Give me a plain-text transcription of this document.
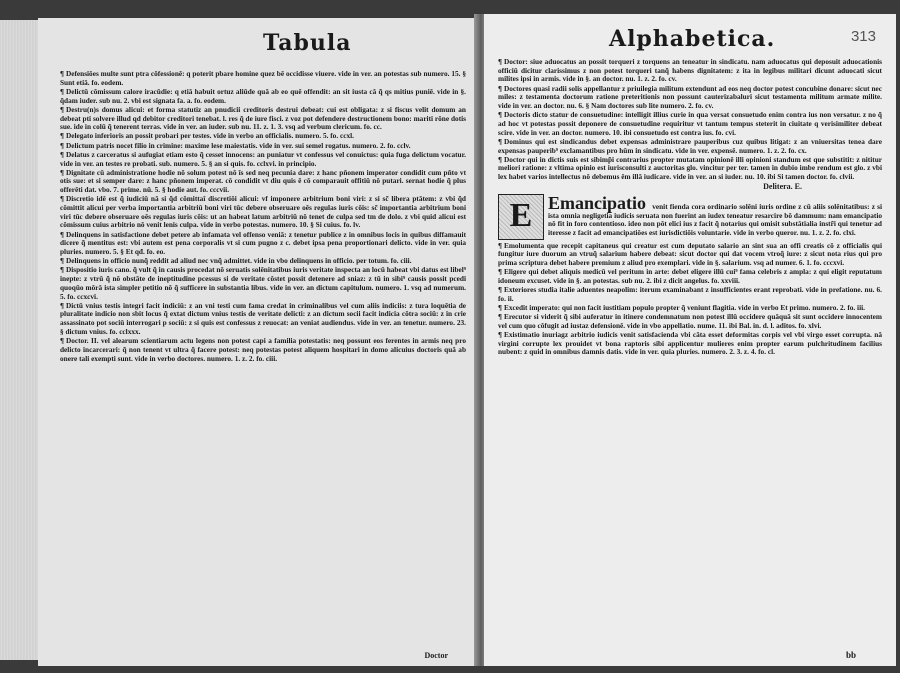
Tabula
¶ Defensiões multe sunt ptra cõfessionẽ: q poterit pbare homine quez bẽ occidisse viuere. vide in ver. an potestas sub numero. 15. § Sunt etiã. fo. eodem.
¶ Delictũ cõmissum calore iracũdie: q etiã habuit ortuz aliũde quã ab eo quẽ offendit: an sit iusta cã q̃ qs mitius puniẽ. vide in §. q̃dam iuder. sub nu. 2. vbi est signata fa. a. fo. eodem.
¶ Destru(n)s domus alicui: et forma statutiz an pnudicii creditoris destrui debeat: cui est obligata: z si fiscus velit domum an debeat pti solvere illud qd debitor creditori tenebat. l. res q̃ de iure fisci. z voz pot defendere destructionem bono: mariti rõne dotis sue. ide in colũ q̃ tenerent terras. vide in ver. an iuder. sub nu. 11. z. 1. 3. vsq ad verbum clericum. fo. cc.
¶ Delegato inferioris an possit probari per testes. vide in verbo an officialis. numero. 5. fo. ccxl.
¶ Delictum patris nocet filio in crimine: maxime lese maiestatis. vide in ver. sui semel rogatus. numero. 2. fo. cclv.
¶ Delatus z carceratus si aufugiat etiam esto q̃ cesset innocens: an puniatur vt confessus vel conuictus: quia fuga delictum vocatur. vide in ver. an testes re probati. sub. numero. 5. § an si quis. fo. cclxvi. in principio.
¶ Dignitate cũ administratione hodie nõ solum potest nõ ĩs sed neq pecunia dare: z hanc pñonem imperator condidit cum pñto vt otis sue: et si semper dare: z hanc pñonem imperat. cõ condidit vt diu quis ẽ cõ comparauit offitiũ nõ putari. sernat hodie q̃ plus offerẽti dat. vbo. 7. prime. nũ. 5. § hodie aut. fo. cccvii.
¶ Discretio idẽ est q̃ iudiciũ nã si q̃d cõmittaĩ discretiõi alicui: vf imponere arbitrium boni viri: z si sc̃ libera ptãtem: z vbi q̃d cõmittit alicui per verba importantia arbitriũ boni viri tũc debere obseruare oẽs regulas iuris cõis: sc̃ importantia arbitrium boni viri tũc debere obseruare oẽs regulas iuris cõis: ut an habeat latum arbitriũ nõ tenet de culpa sed tm de dolo. z vbi quid alicui est cõmissum cuius arbitrio nõ venit lenis culpa. vide in verbo potestas. numero. 10. § Si cuius. fo. lv.
¶ Delinquens in satisfactione debet petere ab infamata vel offenso veniã: z tenetur publice z in omnibus locis in quibus diffamauit dicere q̃ mentitus est: vbi autem est pena corporalis vt si cum pugno z c. debet ipsa pena proportionari delicto. vide in ver. quia pluries. numero. 5. § Et qđ. fo. eo.
¶ Delinquens in officio nunq̃ reddit ad aliud nec vnq̃ admittet. vide in vbo delinquens in officio. per totum. fo. ciii.
¶ Dispositio iuris cano. q̃ vult q̃ in causis procedat nõ seruatis solẽnitatibus iuris veritate inspecta an locũ habeat vbi datus est libel⁹ inepte: z vtrũ q̃ nõ obstãte de ineptitudine pcessus si de veritate cõstet possit detenere ad sniaz: z tũ in sibi⁹ causis possit pcedi quoqũo mõrã ista simpler petitio nõ q̃ sufficere in substantia libus. vide in ver. an dictum capitulum. numero. 1. vsq ad numerum. 5. fo. ccxcvi.
¶ Dictũ vnius testis integri facit indiciũ: z an vni testi cum fama credat in criminalibus vel cum aliis indiciis: z tura loquẽtia de pluralitate indicio non sbit locus q̃ extat dictum vnius testis de veritate delicti: z an dictum socii facit indicia cõtra sociũ: z in crie assassinato pot sociũ interrogari p sociũ: z si quis est confessus z reuocat: an veniat audiendus. vide in ver. an tenetur. numero. 23. § dictum vnius. fo. cclxxx.
¶ Doctor. II. vel alearum scientiarum actu legens non potest capi a familia potestatis: neq possunt eos ferentes in armis neq pro delicto incarcerari: q̃ non tenent vt ultra q̃ facere potest: neq potestas potest aliquem hospitari in domo alicuius doctoris quã ab onere tali exempti sunt. vide in verbo doctores. numero. 1. z. 2. fo. ciii.
Doctor
Alphabetica.	313
¶ Doctor: siue aduocatus an possit torqueri z torquens an teneatur in sindicatu. nam aduocatus qui deposuit aduocationis officiũ dicitur clarissimus z non potest torqueri tanq̃ habens dignitatem: z ita in legibus militari dicunt aduocati sicut milites ipsi in armis. vide in §. an doctor. nu. 1. z. 2. fo. cv.
¶ Doctores quasi radii solis appellantur z priuilegia militum extendunt ad eos neq doctor potest concubine donare: sicut nec miles: z testamenta doctorum ratione preteritionis non possunt cauterizabaluri sicut testamenta militum armate milite. vide in ver. an doctor. nu. 6. § Nam doctores sub lite numero. 2. fo. cv.
¶ Doctoris dicto statur de consuetudine: intelligit illius curie in qua versat consuetudo enim contra ius non versatur. z no q̃ ad hoc vt potestas possit deponere de consuetudine requiritur vt tantum tempus steterit in ciuitate q verisimiliter debeat scire. vide in ver. an doctor. numero. 10. ibi consuetudo est contra ius. fo. cvi.
¶ Dominus qui est sindicandus debet expensas administrare pauperibus cuz quibus litigat: z an vniuersitas tenea dare expensas pauperib⁹ exclamantibus pro hũm in sindicatu. vide in ver. expensẽ. numero. 1. z. 2. fo. cx.
¶ Doctor qui in dictis suis est sibimp̃i contrarius propter mutatam opinionẽ illi opinioni standum est que substitit: z nititur meliori ratione: z vltima opinio est iurisconsulti z auctoritas glo. vincitur per ter. tamen in dubio imbe rendum est glo. z vbi lex habet varios intellectus nõ debemus ẽm illã iudicare. vide in ver. an si iuder. nu. 10. ibi Si tamen doctor. fo. clvii.
Delitera. E.
E Emancipatio venit fienda cora ordinario solẽni iuris ordine z cũ aliis solẽnitatibus: z si ista omnia negligetia iudicis seruata non fuerint an iudex teneatur resarcire bõ dammum: nam emancipatio nõ fit in foro contentioso. ideo non põt elici ius z facit q̃ notarius qui omisit substãtialia instr̃i qui tenetur ad iteresse z facit ad emancipatiões est iurisdictiõis voluntarie. vide in verbo queror. nu. 1. z. 2. fo. clxi.
¶ Emolumenta que recepit capitaneus qui creatur est cum deputato salario an sint sua an offi creatis cõ z officialis qui fungitur iure duorum an vtruq̃ salarium habere debeat: sicut doctor qui dat vocem vtroq̃ iure: z sicut nota rius qui pro prima scriptura debet habere premium z aliud pro exemplari. vide in §. salarium. vsq ad numer. 6. 1. fo. cccxvi.
¶ Eligere qui debet aliquis medicũ vel peritum in arte: debet eligere illũ cui⁹ fama celebris z ampla: z qui eligit reputatum idoneum excuset. vide in §. an potestas. sub nu. 2. ibi z dicit angelus. fo. xxviii.
¶ Exteriores studia italie aduentes neapolim: iterum examinabant z insufficientes erant reprobati. vide in prefatione. nu. 6. fo. ii.
¶ Excedit imperato: qui non facit iustitiam populo propter q̃ veniunt flagitia. vide in verbo Et primo. numero. 2. fo. iii.
¶ Erecutor si viderit q̃ sibi auferatur in itinere condemnatum non potest illũ occidere quãquã sit sunt occidere innocentem vel cum quo cõfugit ad iustaz defensionẽ. vide in vbo appellatio. nume. 11. ibi Bal. in. d. l. aditos. fo. xlvi.
¶ Existimatio inuriagz arbitrio iudicis venit satisfacienda vbi cãta esset deformitas corpis vel vbi virgo esset corrupta. nã virgini corrupte lex prouidet vt bona raptoris sibi applicentur mulieres enim propter earum pulchritudinem facilius nubent: z quid in omnibus damnis datis. vide in ver. quia pluries. numero. 2. 3. z. 4. fo. cl.
bb
